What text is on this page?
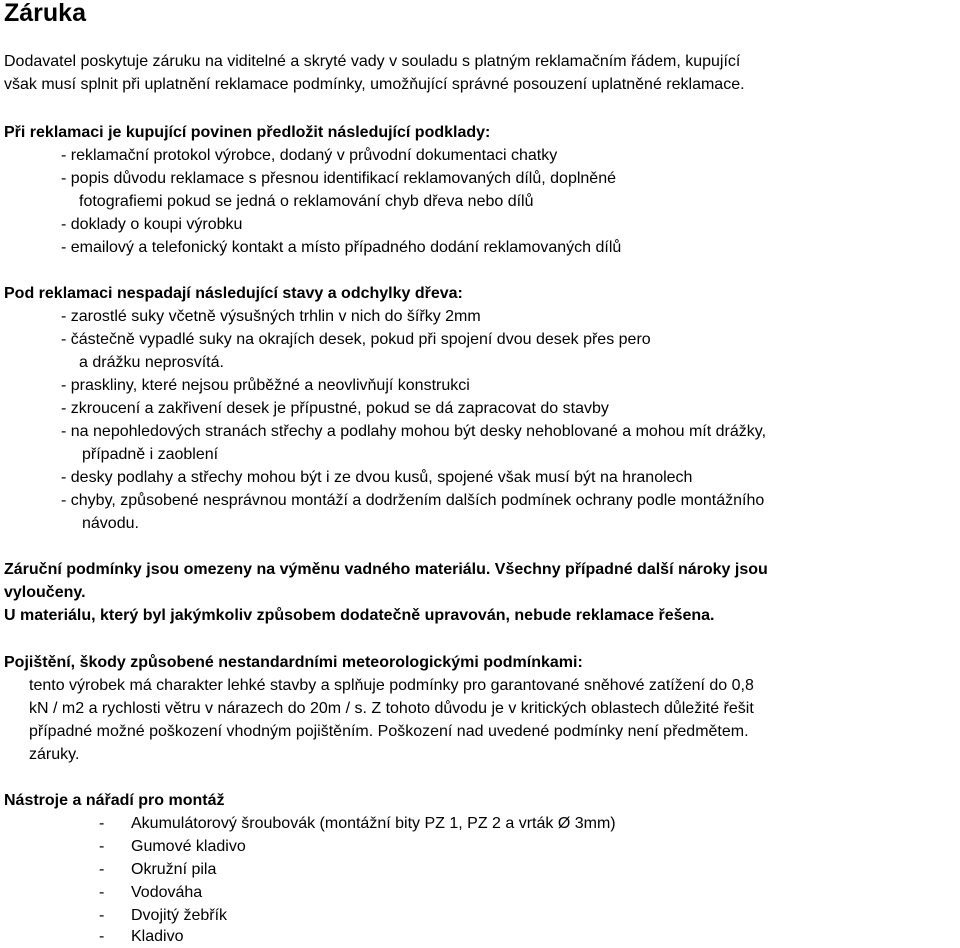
Záruka
Dodavatel poskytuje záruku na viditelné a skryté vady v souladu s platným reklamačním řádem, kupující
však musí splnit při uplatnění reklamace podmínky, umožňující správné posouzení uplatněné reklamace.
Při reklamaci je kupující povinen předložit následující podklady:
- reklamační protokol výrobce, dodaný v průvodní dokumentaci chatky
- popis důvodu reklamace s přesnou identifikací reklamovaných dílů, doplněné
fotografiemi pokud se jedná o reklamování chyb dřeva nebo dílů
- doklady o koupi výrobku
- emailový a telefonický kontakt a místo případného dodání reklamovaných dílů
Pod reklamaci nespadají následující stavy a odchylky dřeva:
- zarostlé suky včetně výsušných trhlin v nich do šířky 2mm
- částečně vypadlé suky na okrajích desek, pokud při spojení dvou desek přes pero
a drážku neprosvítá.
- praskliny, které nejsou průběžné a neovlivňují konstrukci
- zkroucení a zakřivení desek je přípustné, pokud se dá zapracovat do stavby
- na nepohledových stranách střechy a podlahy mohou být desky nehoblované a mohou mít drážky,
případně i zaoblení
- desky podlahy a střechy mohou být i ze dvou kusů, spojené však musí být na hranolech
- chyby, způsobené nesprávnou montáží a dodržením dalších podmínek ochrany podle montážního
návodu.
Záruční podmínky jsou omezeny na výměnu vadného materiálu. Všechny případné další nároky jsou
vyloučeny.
U materiálu, který byl jakýmkoliv způsobem dodatečně upravován, nebude reklamace řešena.
Pojištění, škody způsobené nestandardními meteorologickými podmínkami:
tento výrobek má charakter lehké stavby a splňuje podmínky pro garantované sněhové zatížení do 0,8
kN / m2 a rychlosti větru v nárazech do 20m / s. Z tohoto důvodu je v kritických oblastech důležité řešit
případné možné poškození vhodným pojištěním. Poškození nad uvedené podmínky není předmětem.
záruky.
Nástroje a nářadí pro montáž
- Akumulátorový šroubovák (montážní bity PZ 1, PZ 2 a vrták Ø 3mm)
- Gumové kladivo
- Okružní pila
- Vodováha
- Dvojitý žebřík
- Kladivo
